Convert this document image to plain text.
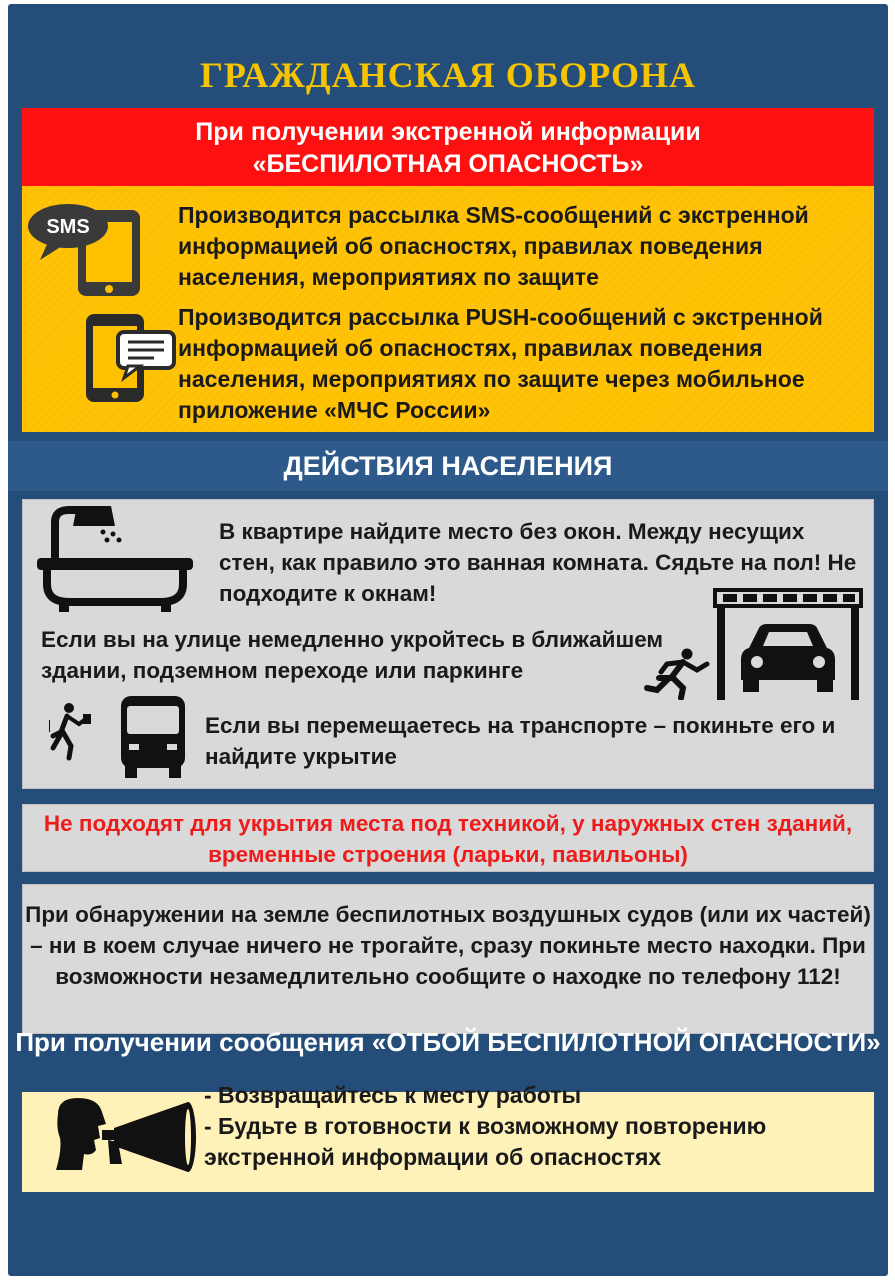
ГРАЖДАНСКАЯ ОБОРОНА
При получении экстренной информации
«БЕСПИЛОТНАЯ ОПАСНОСТЬ»
SMS	Производится рассылка SMS-сообщений с экстренной информацией об опасностях, правилах поведения населения, мероприятиях по защите
Производится рассылка PUSH-сообщений с экстренной информацией об опасностях, правилах поведения населения, мероприятиях по защите через мобильное приложение «МЧС России»
ДЕЙСТВИЯ НАСЕЛЕНИЯ
В квартире найдите место без окон. Между несущих стен, как правило это ванная комната. Сядьте на пол! Не подходите к окнам!
Если вы на улице немедленно укройтесь в ближайшем здании, подземном переходе или паркинге
Если вы перемещаетесь на транспорте – покиньте его и найдите укрытие
Не подходят для укрытия места под техникой, у наружных стен зданий, временные строения (ларьки, павильоны)
При обнаружении на земле беспилотных воздушных судов (или их частей) – ни в коем случае ничего не трогайте, сразу покиньте место находки. При возможности незамедлительно сообщите о находке по телефону 112!
При получении сообщения «ОТБОЙ БЕСПИЛОТНОЙ ОПАСНОСТИ»
- Возвращайтесь к месту работы
- Будьте в готовности к возможному повторению экстренной информации об опасностях
